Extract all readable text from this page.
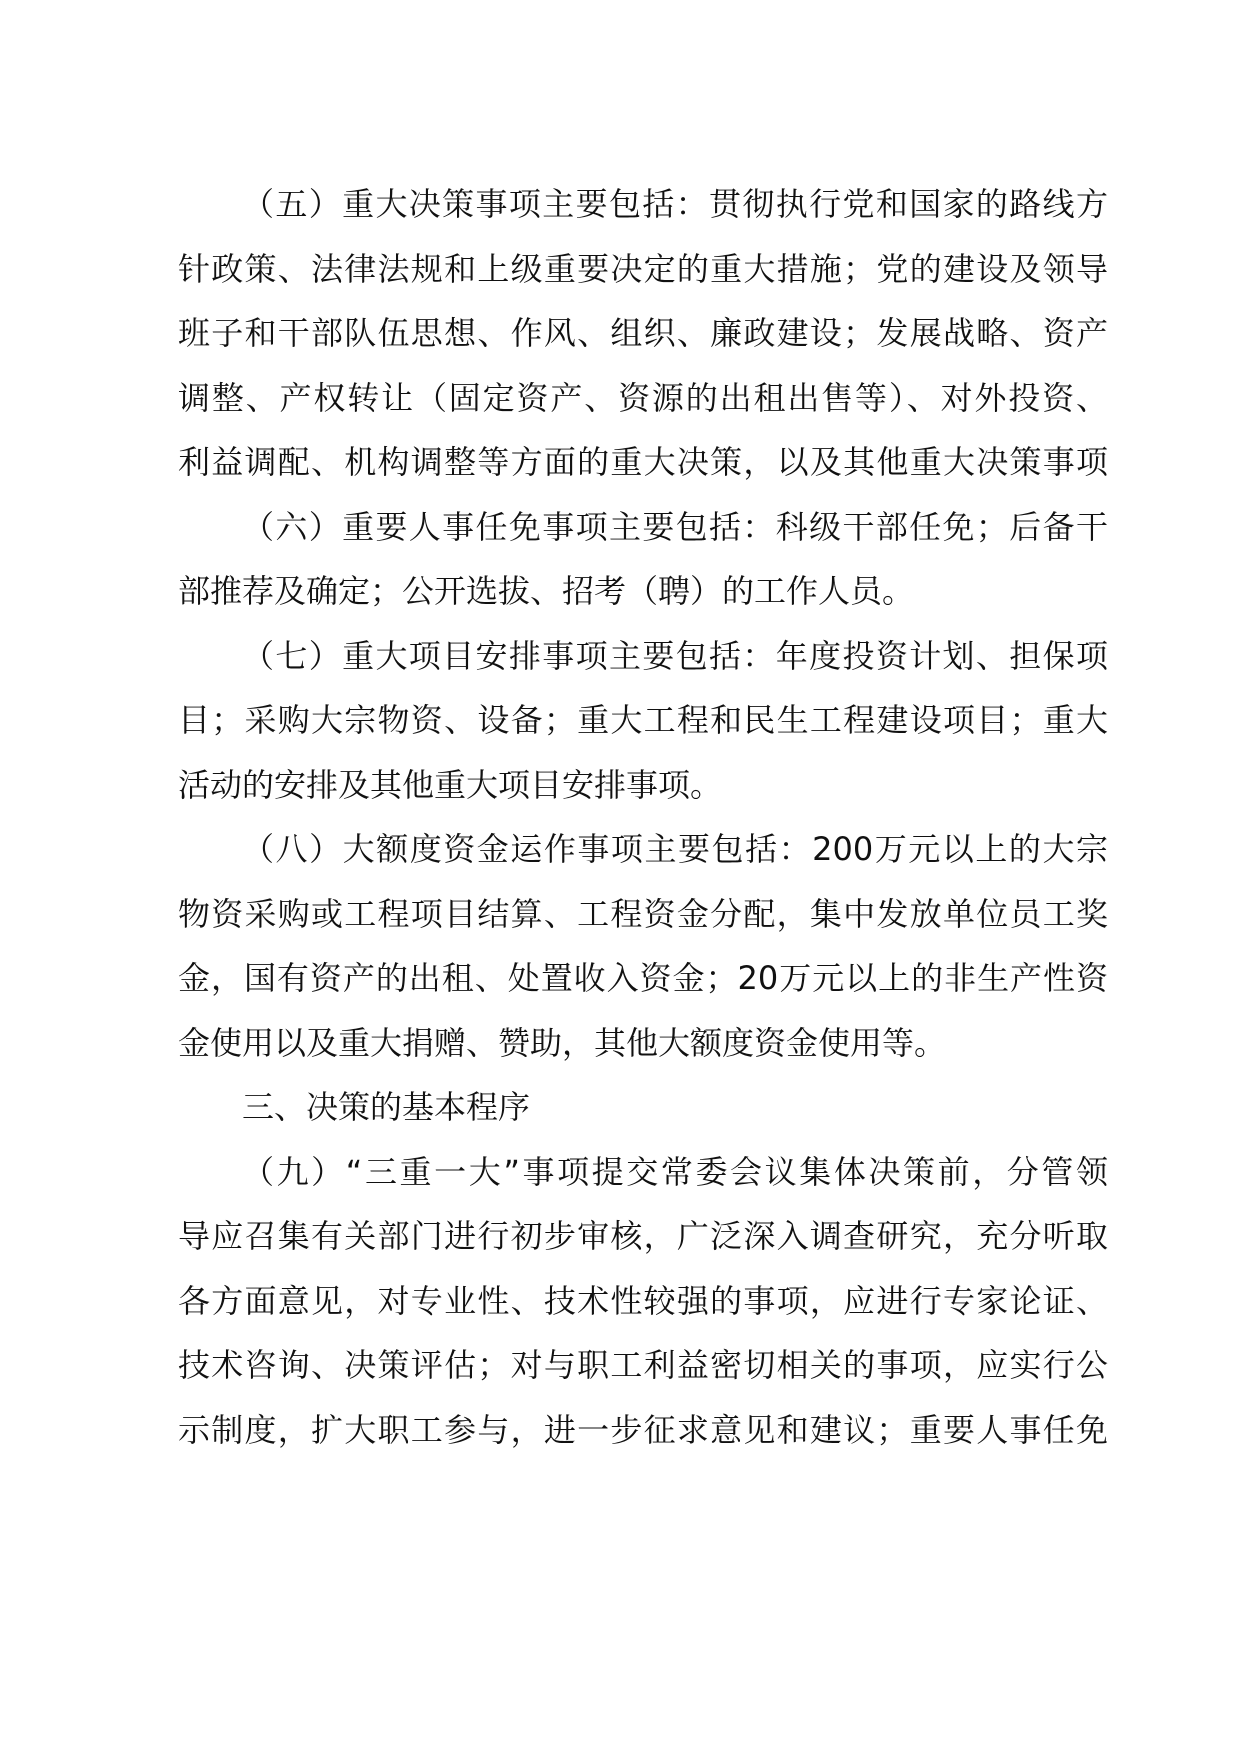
（五）重大决策事项主要包括：贯彻执行党和国家的路线方
针政策、法律法规和上级重要决定的重大措施；党的建设及领导
班子和干部队伍思想、作风、组织、廉政建设；发展战略、资产
调整、产权转让（固定资产、资源的出租出售等）、对外投资、
利益调配、机构调整等方面的重大决策，以及其他重大决策事项
（六）重要人事任免事项主要包括：科级干部任免；后备干
部推荐及确定；公开选拔、招考（聘）的工作人员。
（七）重大项目安排事项主要包括：年度投资计划、担保项
目；采购大宗物资、设备；重大工程和民生工程建设项目；重大
活动的安排及其他重大项目安排事项。
（八）大额度资金运作事项主要包括：200万元以上的大宗
物资采购或工程项目结算、工程资金分配，集中发放单位员工奖
金，国有资产的出租、处置收入资金；20万元以上的非生产性资
金使用以及重大捐赠、赞助，其他大额度资金使用等。
三、决策的基本程序
（九）“三重一大”事项提交常委会议集体决策前，分管领
导应召集有关部门进行初步审核，广泛深入调查研究，充分听取
各方面意见，对专业性、技术性较强的事项，应进行专家论证、
技术咨询、决策评估；对与职工利益密切相关的事项，应实行公
示制度，扩大职工参与，进一步征求意见和建议；重要人事任免
